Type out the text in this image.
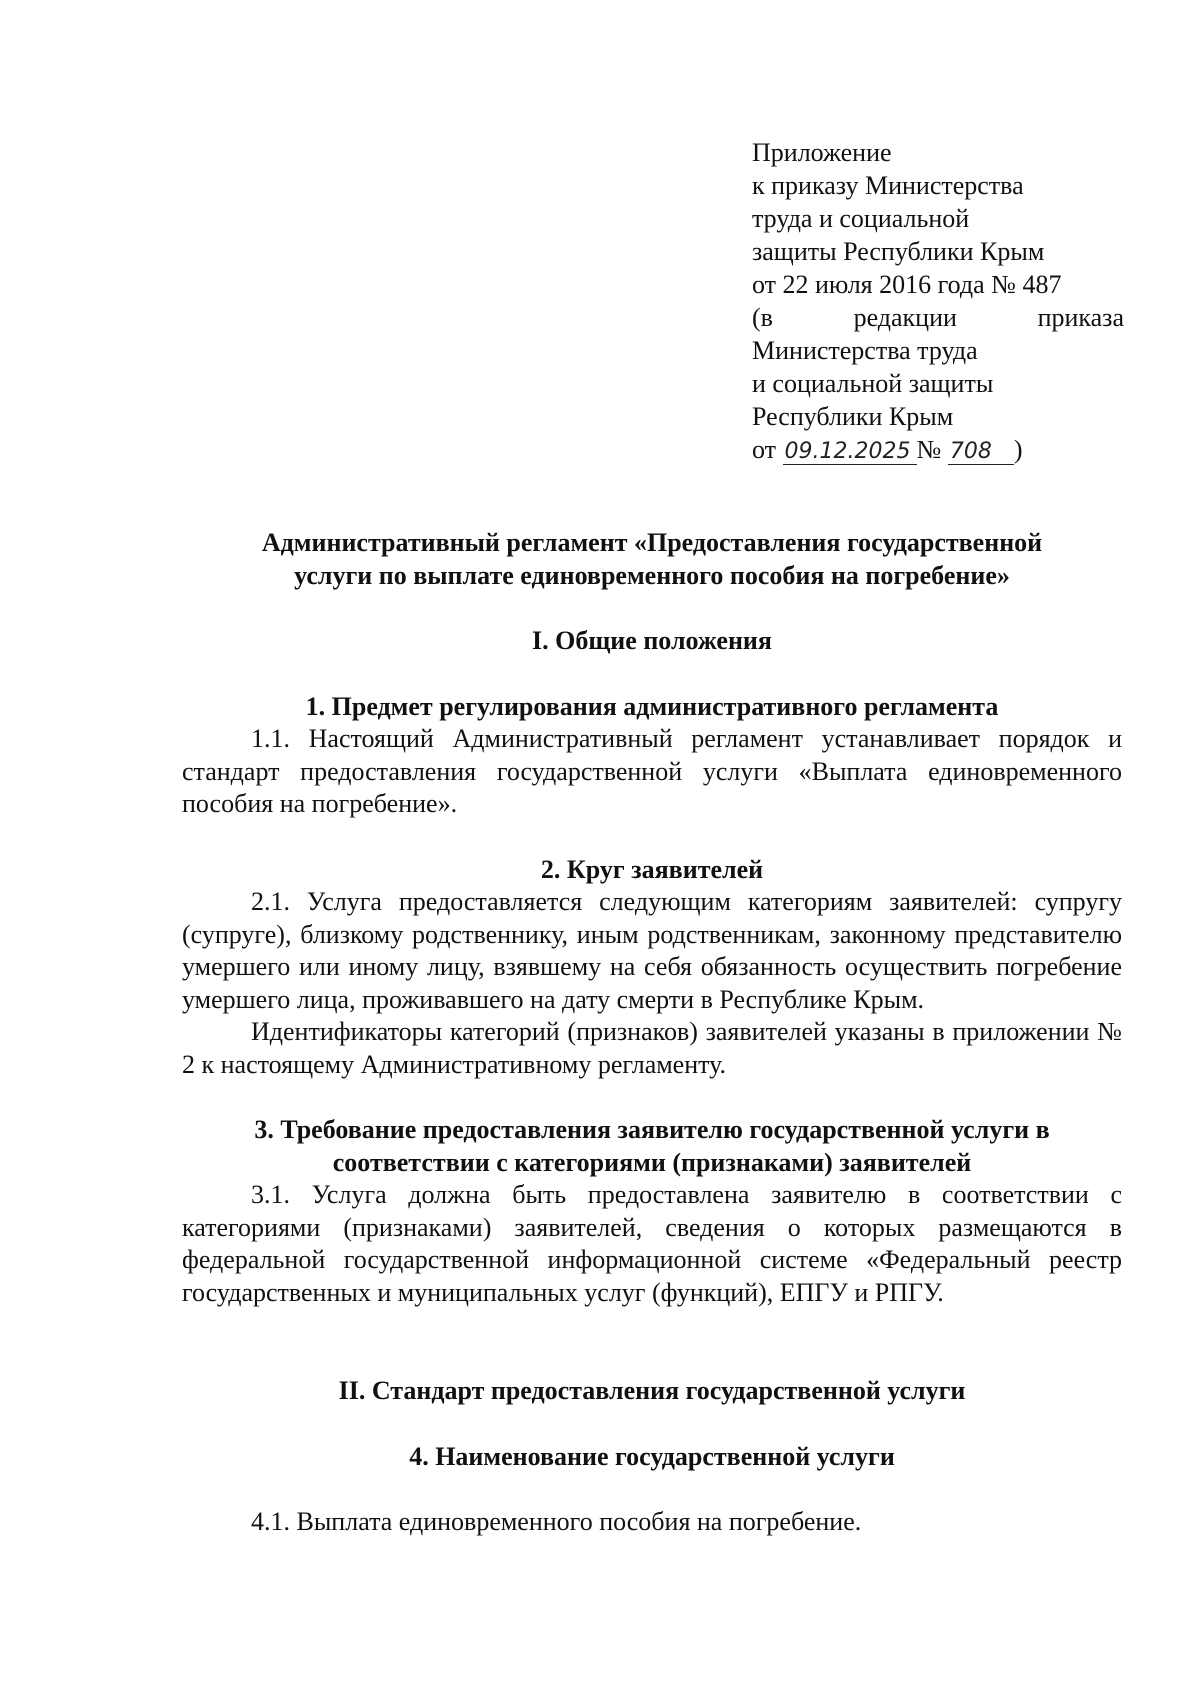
Приложение
к приказу Министерства
труда и социальной
защиты Республики Крым
от 22 июля 2016 года № 487
(в	редакции	приказа
Министерства труда
и социальной защиты
Республики Крым
от 09.12.2025 № 708 )
Административный регламент «Предоставления государственной
услуги по выплате единовременного пособия на погребение»
I. Общие положения
1. Предмет регулирования административного регламента

1.1. Настоящий Административный регламент устанавливает порядок и стандарт предоставления государственной услуги «Выплата единовременного пособия на погребение».

2. Круг заявителей

2.1. Услуга предоставляется следующим категориям заявителей: супругу (супруге), близкому родственнику, иным родственникам, законному представителю умершего или иному лицу, взявшему на себя обязанность осуществить погребение умершего лица, проживавшего на дату смерти в Республике Крым.

Идентификаторы категорий (признаков) заявителей указаны в приложении № 2 к настоящему Административному регламенту.

3. Требование предоставления заявителю государственной услуги в
соответствии с категориями (признаками) заявителей

3.1. Услуга должна быть предоставлена заявителю в соответствии с категориями (признаками) заявителей, сведения о которых размещаются в федеральной государственной информационной системе «Федеральный реестр государственных и муниципальных услуг (функций), ЕПГУ и РПГУ.

II. Стандарт предоставления государственной услуги
4. Наименование государственной услуги

4.1. Выплата единовременного пособия на погребение.
